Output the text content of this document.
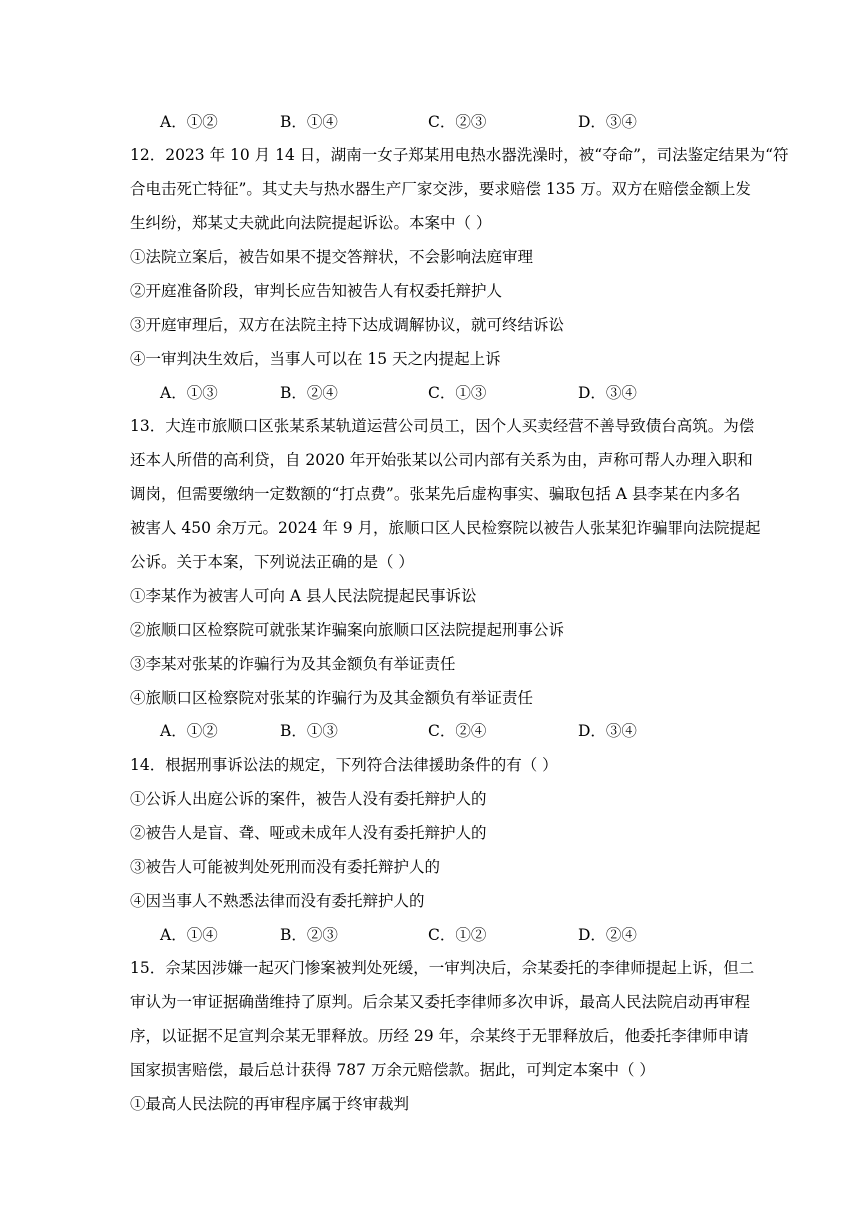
A．①②	B．①④	C．②③	D．③④
12．2023 年 10 月 14 日，湖南一女子郑某用电热水器洗澡时，被“夺命”，司法鉴定结果为“符
合电击死亡特征”。其丈夫与热水器生产厂家交涉，要求赔偿 135 万。双方在赔偿金额上发
生纠纷，郑某丈夫就此向法院提起诉讼。本案中（ ）
①法院立案后，被告如果不提交答辩状，不会影响法庭审理
②开庭准备阶段，审判长应告知被告人有权委托辩护人
③开庭审理后，双方在法院主持下达成调解协议，就可终结诉讼
④一审判决生效后，当事人可以在 15 天之内提起上诉
A．①③	B．②④	C．①③	D．③④
13．大连市旅顺口区张某系某轨道运营公司员工，因个人买卖经营不善导致债台高筑。为偿
还本人所借的高利贷，自 2020 年开始张某以公司内部有关系为由，声称可帮人办理入职和
调岗，但需要缴纳一定数额的“打点费”。张某先后虚构事实、骗取包括 A 县李某在内多名
被害人 450 余万元。2024 年 9 月，旅顺口区人民检察院以被告人张某犯诈骗罪向法院提起
公诉。关于本案，下列说法正确的是（ ）
①李某作为被害人可向 A 县人民法院提起民事诉讼
②旅顺口区检察院可就张某诈骗案向旅顺口区法院提起刑事公诉
③李某对张某的诈骗行为及其金额负有举证责任
④旅顺口区检察院对张某的诈骗行为及其金额负有举证责任
A．①②	B．①③	C．②④	D．③④
14．根据刑事诉讼法的规定，下列符合法律援助条件的有（ ）
①公诉人出庭公诉的案件，被告人没有委托辩护人的
②被告人是盲、聋、哑或未成年人没有委托辩护人的
③被告人可能被判处死刑而没有委托辩护人的
④因当事人不熟悉法律而没有委托辩护人的
A．①④	B．②③	C．①②	D．②④
15．佘某因涉嫌一起灭门惨案被判处死缓，一审判决后，佘某委托的李律师提起上诉，但二
审认为一审证据确凿维持了原判。后佘某又委托李律师多次申诉，最高人民法院启动再审程
序，以证据不足宣判佘某无罪释放。历经 29 年，佘某终于无罪释放后，他委托李律师申请
国家损害赔偿，最后总计获得 787 万余元赔偿款。据此，可判定本案中（ ）
①最高人民法院的再审程序属于终审裁判
